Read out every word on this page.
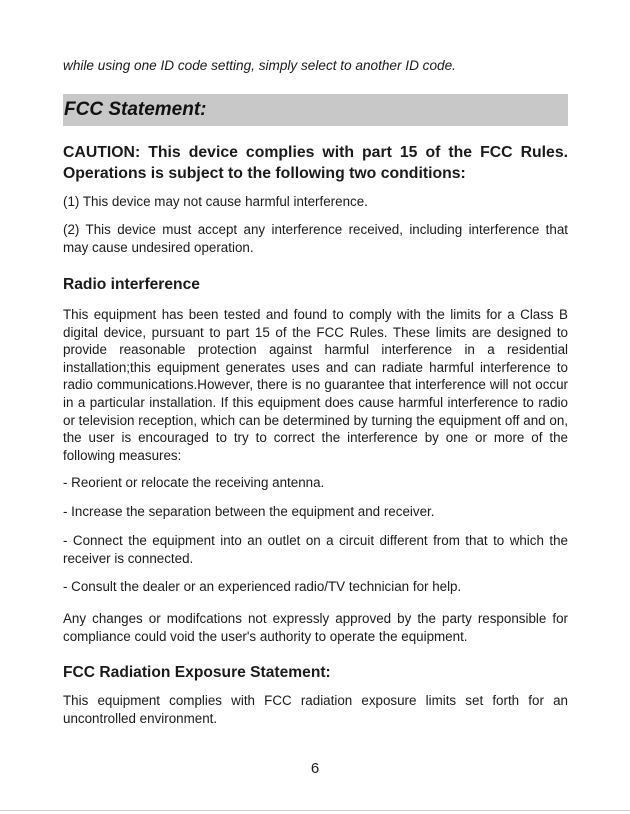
while using one ID code setting, simply select to another ID code.

FCC Statement:

CAUTION: This device complies with part 15 of the FCC Rules. Operations is subject to the following two conditions:

(1) This device may not cause harmful interference.

(2) This device must accept any interference received, including interference that may cause undesired operation.

Radio interference

This equipment has been tested and found to comply with the limits for a Class B digital device, pursuant to part 15 of the FCC Rules. These limits are designed to provide reasonable protection against harmful interference in a residential installation;this equipment generates uses and can radiate harmful interference to radio communications.However, there is no guarantee that interference will not occur in a particular installation. If this equipment does cause harmful interference to radio or television reception, which can be determined by turning the equipment off and on, the user is encouraged to try to correct the interference by one or more of the following measures:

- Reorient or relocate the receiving antenna.

- Increase the separation between the equipment and receiver.

- Connect the equipment into an outlet on a circuit different from that to which the receiver is connected.

- Consult the dealer or an experienced radio/TV technician for help.

Any changes or modifcations not expressly approved by the party responsible for compliance could void the user's authority to operate the equipment.

FCC Radiation Exposure Statement:

This equipment complies with FCC radiation exposure limits set forth for an uncontrolled environment.

6
